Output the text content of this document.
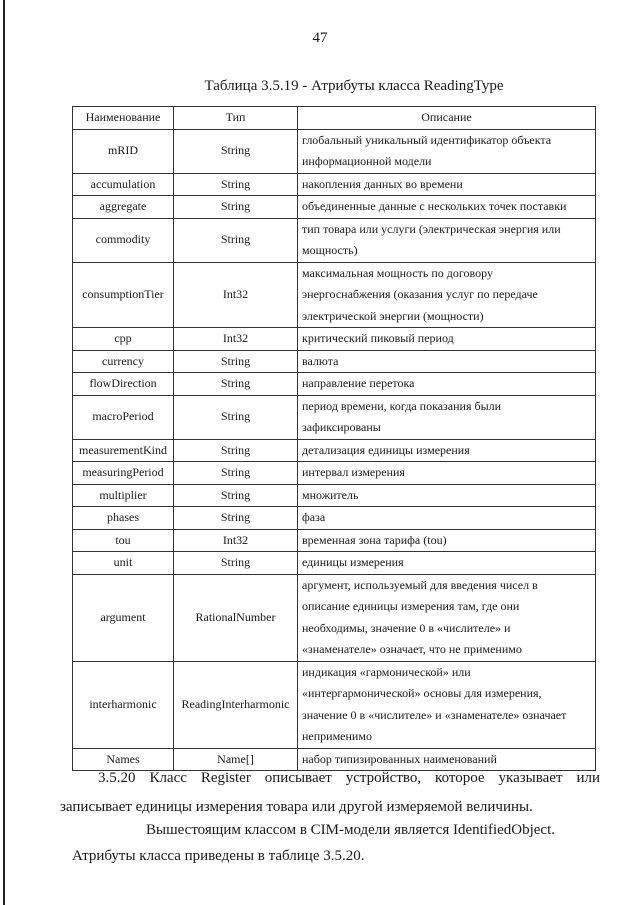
47
Таблица 3.5.19 - Атрибуты класса ReadingType
Наименование	Тип	Описание
mRID	String	глобальный уникальный идентификатор объекта
информационной модели

accumulation	String	накопления данных во времени

aggregate	String	объединенные данные с нескольких точек поставки

commodity	String	тип товара или услуги (электрическая энергия или
мощность)

consumptionTier	Int32	максимальная мощность по договору
энергоснабжения (оказания услуг по передаче
электрической энергии (мощности)

cpp	Int32	критический пиковый период

currency	String	валюта

flowDirection	String	направление перетока

macroPeriod	String	период времени, когда показания были
зафиксированы

measurementKind	String	детализация единицы измерения

measuringPeriod	String	интервал измерения

multiplier	String	множитель

phases	String	фаза

tou	Int32	временная зона тарифа (tou)

unit	String	единицы измерения

argument	RationalNumber	аргумент, используемый для введения чисел в
описание единицы измерения там, где они
необходимы, значение 0 в «числителе» и
«знаменателе» означает, что не применимо

interharmonic	ReadingInterharmonic	индикация «гармонической» или
«интергармонической» основы для измерения,
значение 0 в «числителе» и «знаменателе» означает
неприменимо

Names	Name[]	набор типизированных наименований
3.5.20 Класс Register описывает устройство, которое указывает или записывает единицы измерения товара или другой измеряемой величины.
Вышестоящим классом в CIM-модели является IdentifiedObject.
Атрибуты класса приведены в таблице 3.5.20.
